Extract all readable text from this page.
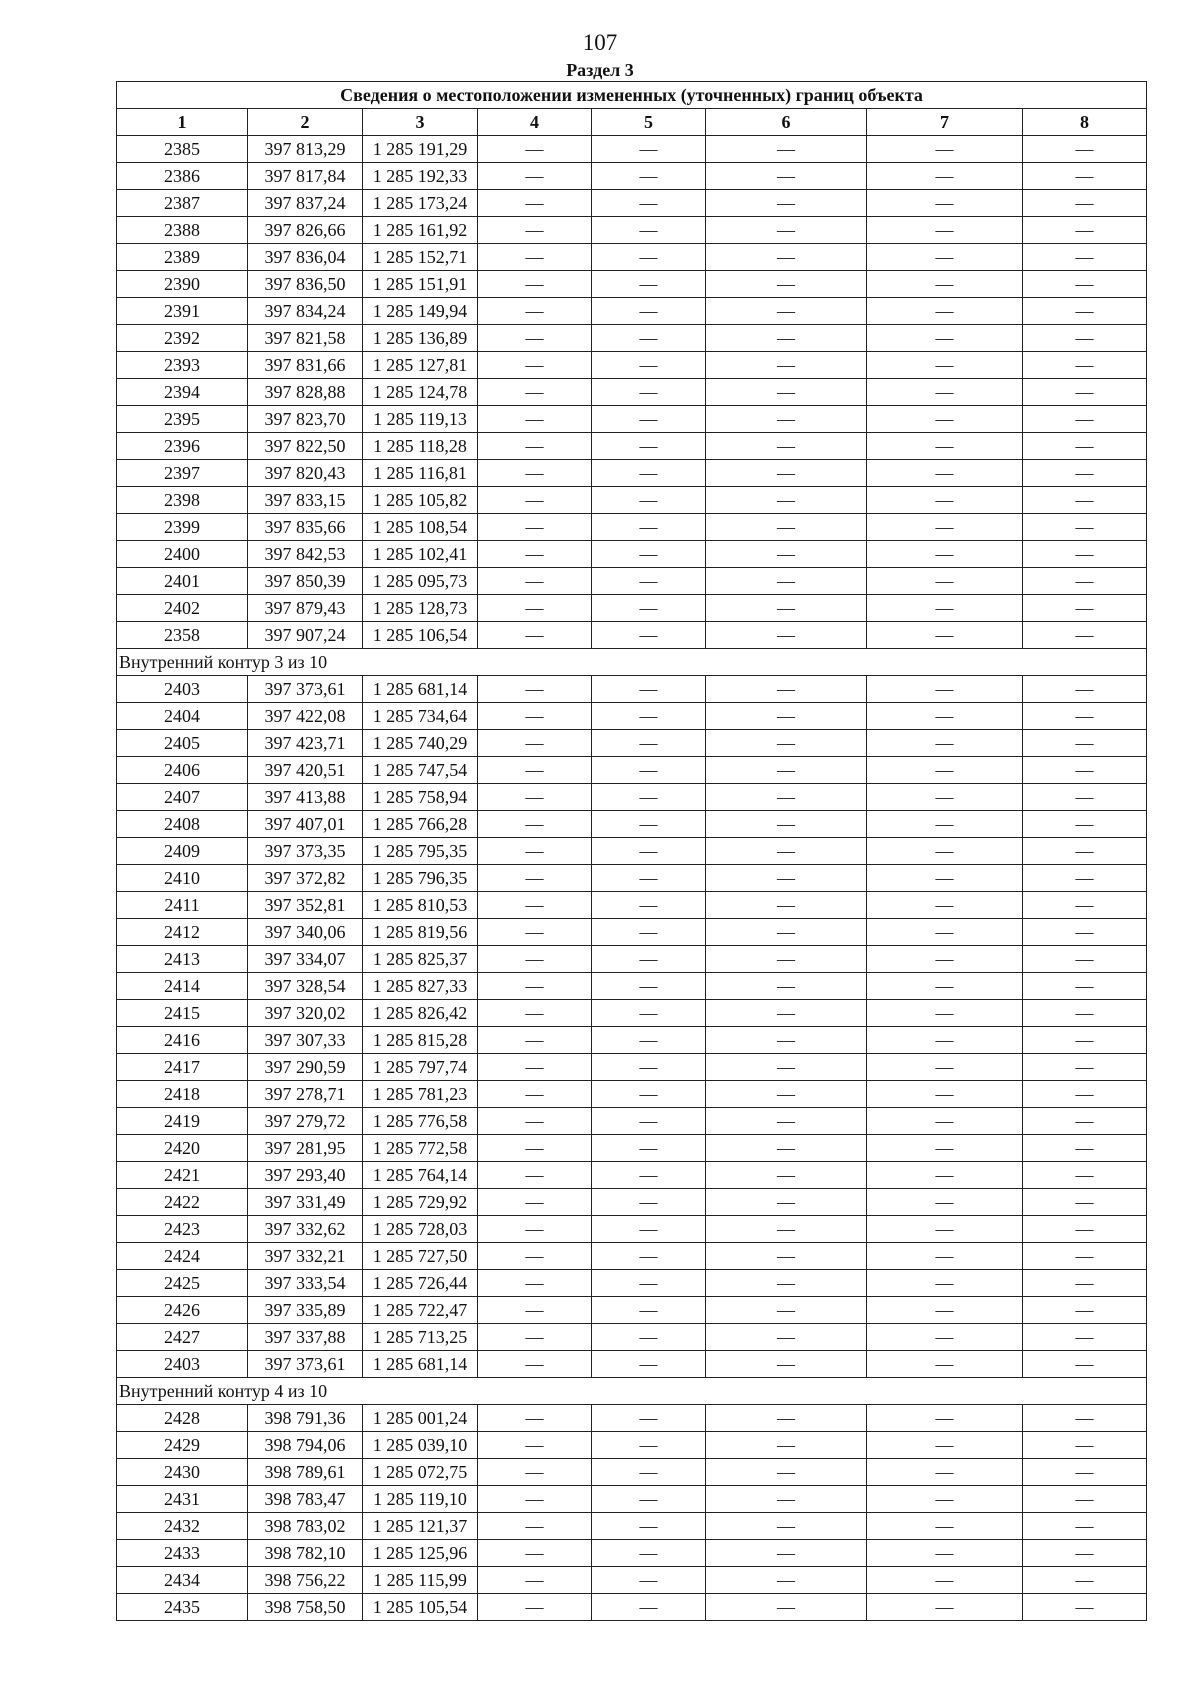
107
Раздел 3
Сведения о местоположении измененных (уточненных) границ объекта							
1	2	3	4	5	6	7	8
2385	397 813,29	1 285 191,29	—	—	—	—	—
2386	397 817,84	1 285 192,33	—	—	—	—	—
2387	397 837,24	1 285 173,24	—	—	—	—	—
2388	397 826,66	1 285 161,92	—	—	—	—	—
2389	397 836,04	1 285 152,71	—	—	—	—	—
2390	397 836,50	1 285 151,91	—	—	—	—	—
2391	397 834,24	1 285 149,94	—	—	—	—	—
2392	397 821,58	1 285 136,89	—	—	—	—	—
2393	397 831,66	1 285 127,81	—	—	—	—	—
2394	397 828,88	1 285 124,78	—	—	—	—	—
2395	397 823,70	1 285 119,13	—	—	—	—	—
2396	397 822,50	1 285 118,28	—	—	—	—	—
2397	397 820,43	1 285 116,81	—	—	—	—	—
2398	397 833,15	1 285 105,82	—	—	—	—	—
2399	397 835,66	1 285 108,54	—	—	—	—	—
2400	397 842,53	1 285 102,41	—	—	—	—	—
2401	397 850,39	1 285 095,73	—	—	—	—	—
2402	397 879,43	1 285 128,73	—	—	—	—	—
2358	397 907,24	1 285 106,54	—	—	—	—	—
Внутренний контур 3 из 10							
2403	397 373,61	1 285 681,14	—	—	—	—	—
2404	397 422,08	1 285 734,64	—	—	—	—	—
2405	397 423,71	1 285 740,29	—	—	—	—	—
2406	397 420,51	1 285 747,54	—	—	—	—	—
2407	397 413,88	1 285 758,94	—	—	—	—	—
2408	397 407,01	1 285 766,28	—	—	—	—	—
2409	397 373,35	1 285 795,35	—	—	—	—	—
2410	397 372,82	1 285 796,35	—	—	—	—	—
2411	397 352,81	1 285 810,53	—	—	—	—	—
2412	397 340,06	1 285 819,56	—	—	—	—	—
2413	397 334,07	1 285 825,37	—	—	—	—	—
2414	397 328,54	1 285 827,33	—	—	—	—	—
2415	397 320,02	1 285 826,42	—	—	—	—	—
2416	397 307,33	1 285 815,28	—	—	—	—	—
2417	397 290,59	1 285 797,74	—	—	—	—	—
2418	397 278,71	1 285 781,23	—	—	—	—	—
2419	397 279,72	1 285 776,58	—	—	—	—	—
2420	397 281,95	1 285 772,58	—	—	—	—	—
2421	397 293,40	1 285 764,14	—	—	—	—	—
2422	397 331,49	1 285 729,92	—	—	—	—	—
2423	397 332,62	1 285 728,03	—	—	—	—	—
2424	397 332,21	1 285 727,50	—	—	—	—	—
2425	397 333,54	1 285 726,44	—	—	—	—	—
2426	397 335,89	1 285 722,47	—	—	—	—	—
2427	397 337,88	1 285 713,25	—	—	—	—	—
2403	397 373,61	1 285 681,14	—	—	—	—	—
Внутренний контур 4 из 10							
2428	398 791,36	1 285 001,24	—	—	—	—	—
2429	398 794,06	1 285 039,10	—	—	—	—	—
2430	398 789,61	1 285 072,75	—	—	—	—	—
2431	398 783,47	1 285 119,10	—	—	—	—	—
2432	398 783,02	1 285 121,37	—	—	—	—	—
2433	398 782,10	1 285 125,96	—	—	—	—	—
2434	398 756,22	1 285 115,99	—	—	—	—	—
2435	398 758,50	1 285 105,54	—	—	—	—	—
